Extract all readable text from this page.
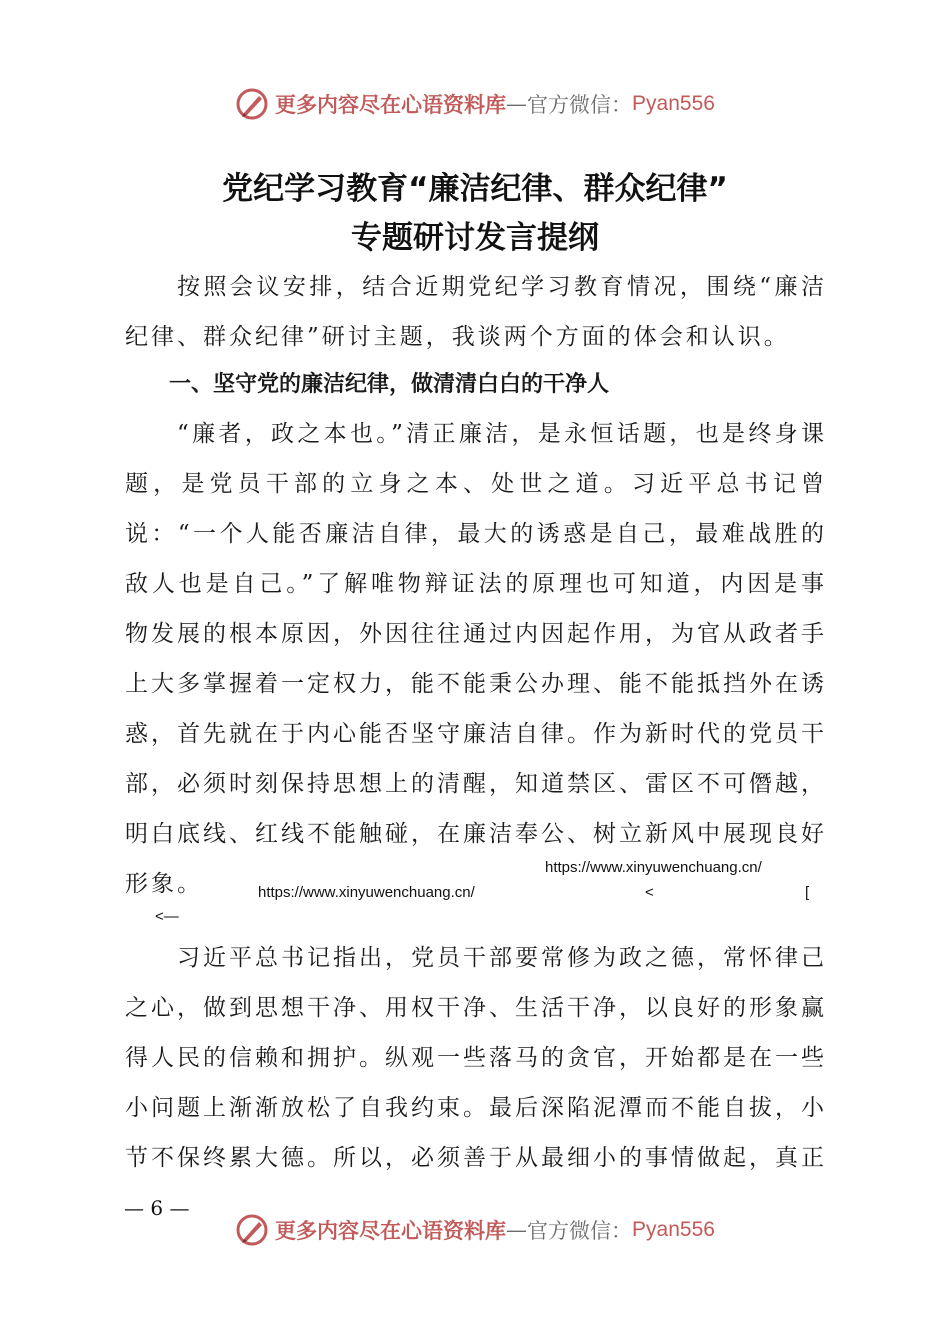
更多内容尽在心语资料库 — 官方微信： Pyan556
党纪学习教育“廉洁纪律、群众纪律”
专题研讨发言提纲

按照会议安排，结合近期党纪学习教育情况，围绕“廉洁纪律、群众纪律”研讨主题，我谈两个方面的体会和认识。

一、坚守党的廉洁纪律，做清清白白的干净人

“廉者，政之本也。”清正廉洁，是永恒话题，也是终身课题，是党员干部的立身之本、处世之道。习近平总书记曾说：“一个人能否廉洁自律，最大的诱惑是自己，最难战胜的敌人也是自己。”了解唯物辩证法的原理也可知道，内因是事物发展的根本原因，外因往往通过内因起作用，为官从政者手上大多掌握着一定权力，能不能秉公办理、能不能抵挡外在诱惑，首先就在于内心能否坚守廉洁自律。作为新时代的党员干部，必须时刻保持思想上的清醒，知道禁区、雷区不可僭越，明白底线、红线不能触碰，在廉洁奉公、树立新风中展现良好形象。

https://www.xinyuwenchuang.cn/
https://www.xinyuwenchuang.cn/	<	[
<—

习近平总书记指出，党员干部要常修为政之德，常怀律己之心，做到思想干净、用权干净、生活干净，以良好的形象赢得人民的信赖和拥护。纵观一些落马的贪官，开始都是在一些小问题上渐渐放松了自我约束。最后深陷泥潭而不能自拔，小节不保终累大德。所以，必须善于从最细小的事情做起，真正

— 6 —
更多内容尽在心语资料库 — 官方微信： Pyan556
